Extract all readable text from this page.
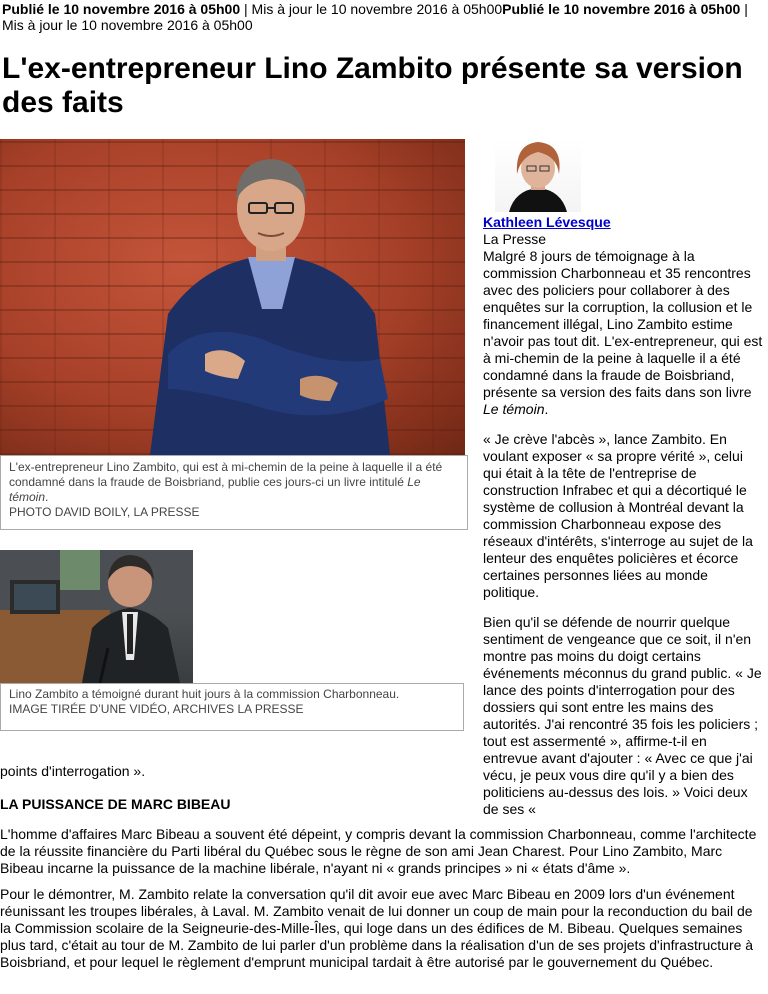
Publié le 10 novembre 2016 à 05h00 | Mis à jour le 10 novembre 2016 à 05h00Publié le 10 novembre 2016 à 05h00 | Mis à jour le 10 novembre 2016 à 05h00
L'ex-entrepreneur Lino Zambito présente sa version des faits
L'ex-entrepreneur Lino Zambito, qui est à mi-chemin de la peine à laquelle il a été condamné dans la fraude de Boisbriand, publie ces jours-ci un livre intitulé Le témoin.
PHOTO DAVID BOILY, LA PRESSE
Lino Zambito a témoigné durant huit jours à la commission Charbonneau.
IMAGE TIRÉE D’UNE VIDÉO, ARCHIVES LA PRESSE
Kathleen Lévesque
La Presse

Malgré 8 jours de témoignage à la commission Charbonneau et 35 rencontres avec des policiers pour collaborer à des enquêtes sur la corruption, la collusion et le financement illégal, Lino Zambito estime n'avoir pas tout dit. L'ex-entrepreneur, qui est à mi-chemin de la peine à laquelle il a été condamné dans la fraude de Boisbriand, présente sa version des faits dans son livre Le témoin.

« Je crève l'abcès », lance Zambito. En voulant exposer « sa propre vérité », celui qui était à la tête de l'entreprise de construction Infrabec et qui a décortiqué le système de collusion à Montréal devant la commission Charbonneau expose des réseaux d'intérêts, s'interroge au sujet de la lenteur des enquêtes policières et écorce certaines personnes liées au monde politique.

Bien qu'il se défende de nourrir quelque sentiment de vengeance que ce soit, il n'en montre pas moins du doigt certains événements méconnus du grand public. « Je lance des points d'interrogation pour des dossiers qui sont entre les mains des autorités. J'ai rencontré 35 fois les policiers ; tout est assermenté », affirme-t-il en entrevue avant d'ajouter : « Avec ce que j'ai vécu, je peux vous dire qu'il y a bien des politiciens au-dessus des lois. » Voici deux de ses «

points d'interrogation ».
LA PUISSANCE DE MARC BIBEAU

L'homme d'affaires Marc Bibeau a souvent été dépeint, y compris devant la commission Charbonneau, comme l'architecte de la réussite financière du Parti libéral du Québec sous le règne de son ami Jean Charest. Pour Lino Zambito, Marc Bibeau incarne la puissance de la machine libérale, n'ayant ni « grands principes » ni « états d'âme ».

Pour le démontrer, M. Zambito relate la conversation qu'il dit avoir eue avec Marc Bibeau en 2009 lors d'un événement réunissant les troupes libérales, à Laval. M. Zambito venait de lui donner un coup de main pour la reconduction du bail de la Commission scolaire de la Seigneurie-des-Mille-Îles, qui loge dans un des édifices de M. Bibeau. Quelques semaines plus tard, c'était au tour de M. Zambito de lui parler d'un problème dans la réalisation d'un de ses projets d'infrastructure à Boisbriand, et pour lequel le règlement d'emprunt municipal tardait à être autorisé par le gouvernement du Québec.
